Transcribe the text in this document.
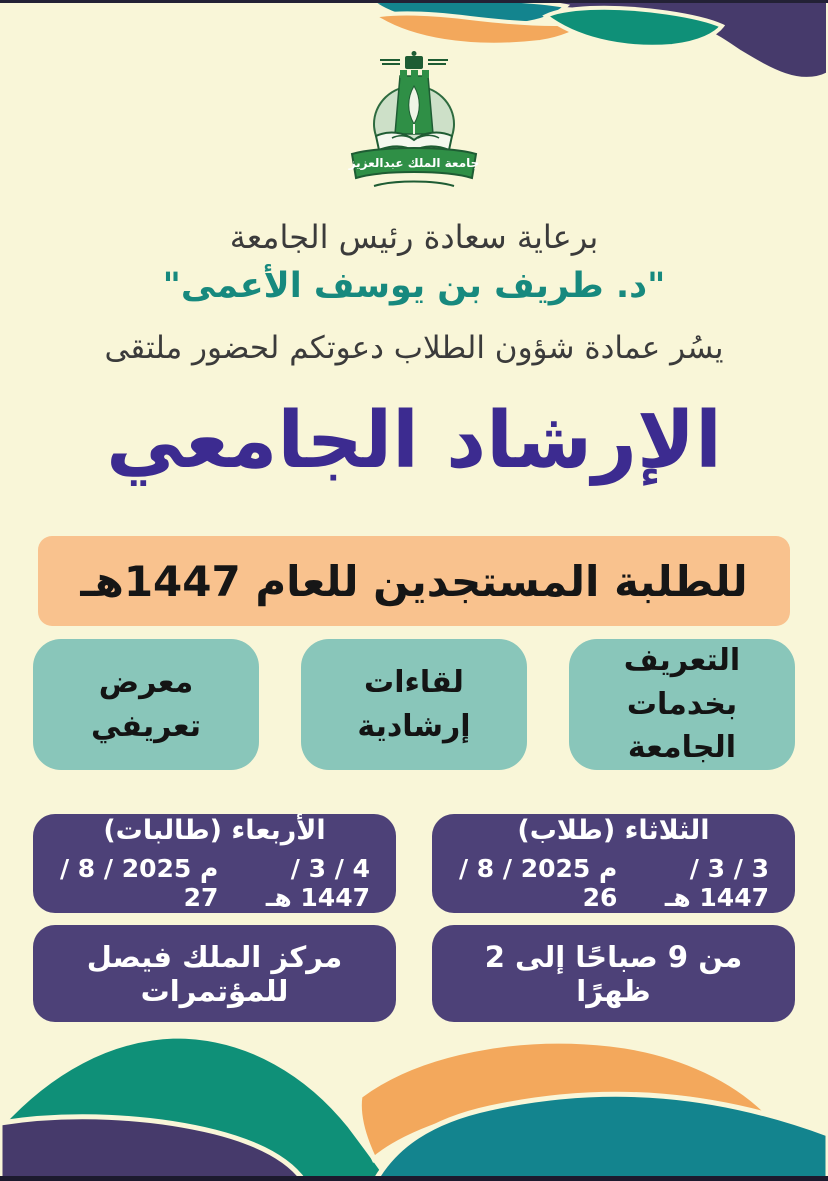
جامعة الملك عبدالعزيز
برعاية سعادة رئيس الجامعة
"د. طريف بن يوسف الأعمى"
يسُر عمادة شؤون الطلاب دعوتكم لحضور ملتقى
الإرشاد الجامعي
للطلبة المستجدين للعام 1447هـ
التعريف بخدمات الجامعة
لقاءات إرشادية
معرض تعريفي
الثلاثاء (طلاب)
3 / 3 / 1447 هـ
م 2025 / 8 / 26
الأربعاء (طالبات)
4 / 3 / 1447 هـ
م 2025 / 8 / 27
من 9 صباحًا إلى 2 ظهرًا
مركز الملك فيصل للمؤتمرات
